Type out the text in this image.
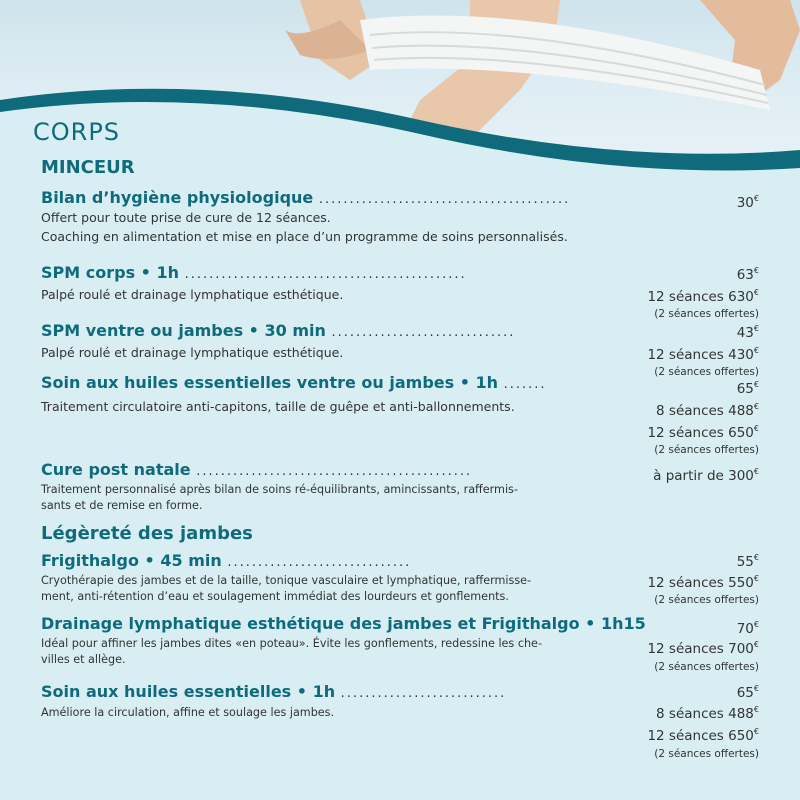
CORPS
MINCEUR
Bilan d’hygiène physiologique .........................................
Offert pour toute prise de cure de 12 séances.
Coaching en alimentation et mise en place d’un programme de soins personnalisés.
30€
SPM corps • 1h ..............................................
Palpé roulé et drainage lymphatique esthétique.
63€
12 séances 630€
(2 séances offertes)
SPM ventre ou jambes • 30 min ..............................
Palpé roulé et drainage lymphatique esthétique.
43€
12 séances 430€
(2 séances offertes)
Soin aux huiles essentielles ventre ou jambes • 1h .......
Traitement circulatoire anti-capitons, taille de guêpe et anti-ballonnements.
65€
8 séances 488€
12 séances 650€
(2 séances offertes)
Cure post natale .............................................
Traitement personnalisé après bilan de soins ré-équilibrants, amincissants, raffermis-
sants et de remise en forme.
à partir de 300€
Légèreté des jambes
Frigithalgo • 45 min ..............................
Cryothérapie des jambes et de la taille, tonique vasculaire et lymphatique, raffermisse-
ment, anti-rétention d’eau et soulagement immédiat des lourdeurs et gonflements.
55€
12 séances 550€
(2 séances offertes)
Drainage lymphatique esthétique des jambes et Frigithalgo • 1h15
Idéal pour affiner les jambes dites «en poteau». Évite les gonflements, redessine les che-
villes et allège.
70€
12 séances 700€
(2 séances offertes)
Soin aux huiles essentielles • 1h ...........................
Améliore la circulation, affine et soulage les jambes.
65€
8 séances 488€
12 séances 650€
(2 séances offertes)
